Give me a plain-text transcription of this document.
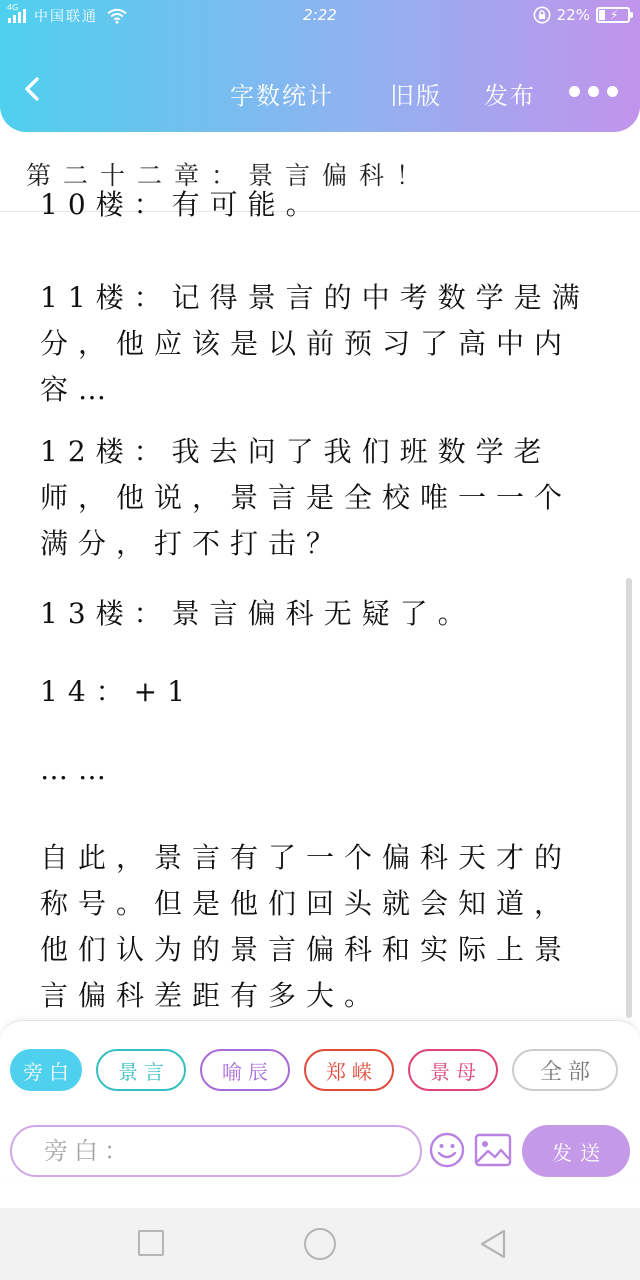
4G
中国联通	2:22	22% ⚡
字数统计 旧版 发布
第二十二章：景言偏科！
10楼：有可能。
11楼：记得景言的中考数学是满分，他应该是以前预习了高中内容…
12楼：我去问了我们班数学老师，他说，景言是全校唯一一个满分，打不打击？
13楼：景言偏科无疑了。
14：+1
……
自此，景言有了一个偏科天才的称号。但是他们回头就会知道，他们认为的景言偏科和实际上景言偏科差距有多大。
旁白	景言	喻辰	郑嵘	景母	全部
旁白：
发送
